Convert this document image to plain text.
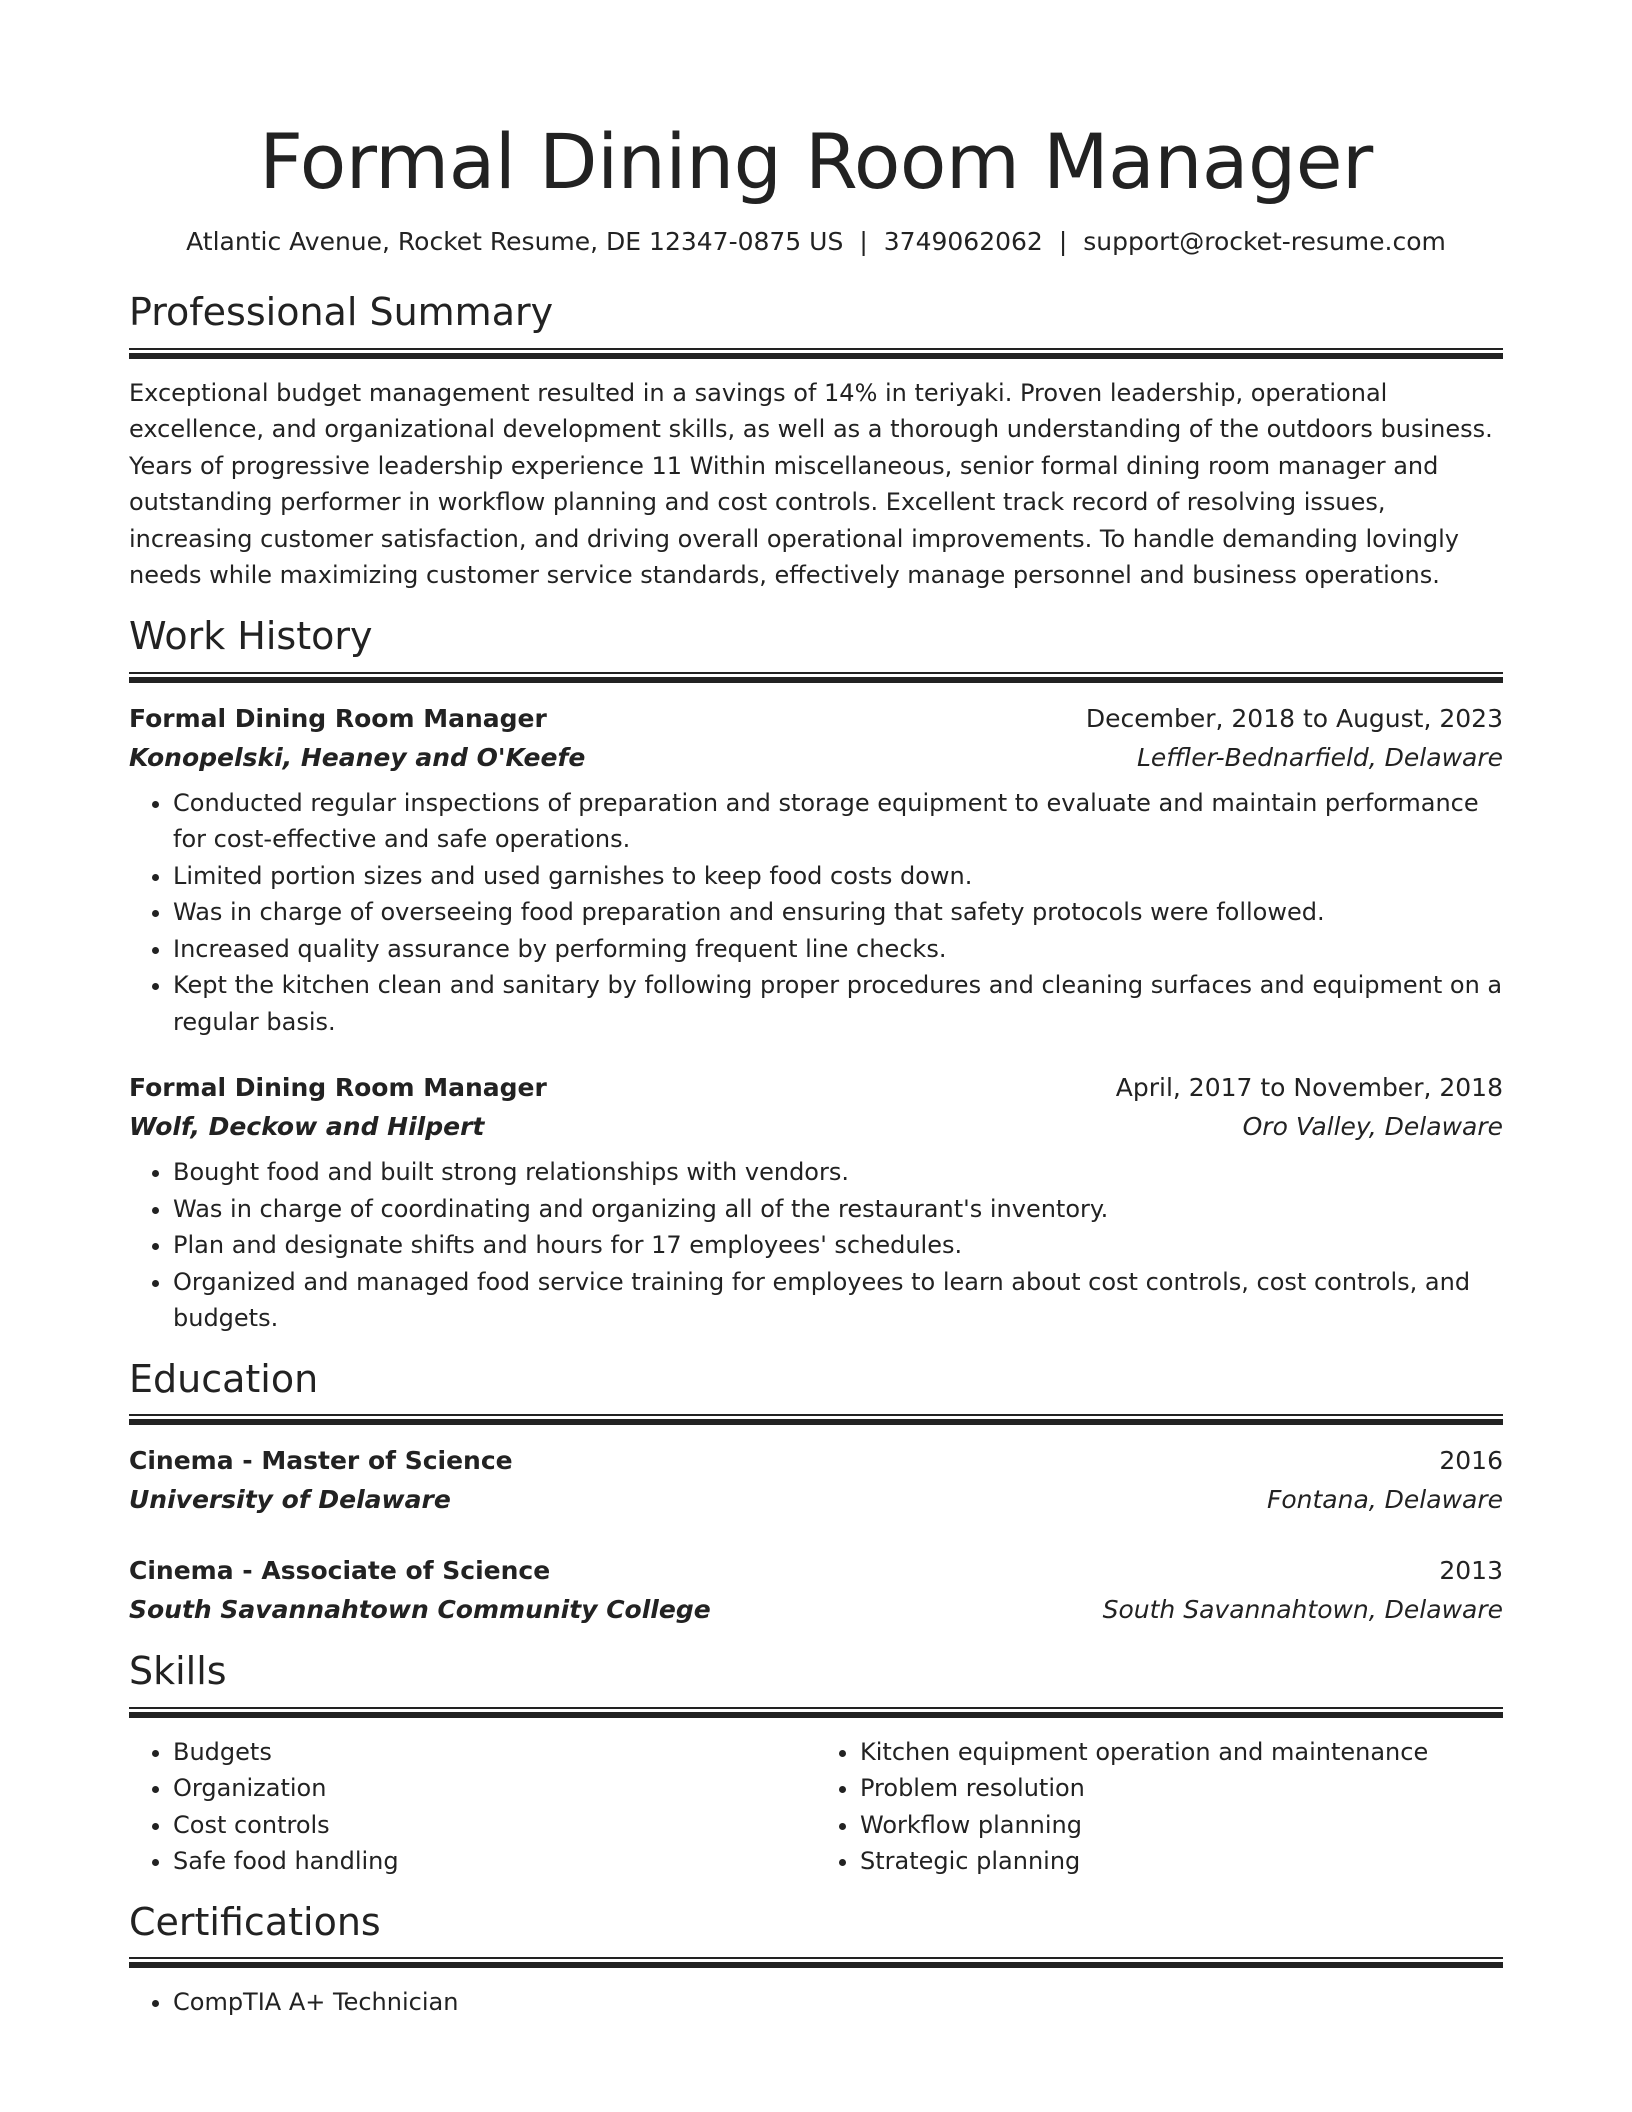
Formal Dining Room Manager
Atlantic Avenue, Rocket Resume, DE 12347-0875 US | 3749062062 | support@rocket-resume.com
Professional Summary

Exceptional budget management resulted in a savings of 14% in teriyaki. Proven leadership, operational excellence, and organizational development skills, as well as a thorough understanding of the outdoors business. Years of progressive leadership experience 11 Within miscellaneous, senior formal dining room manager and outstanding performer in workflow planning and cost controls. Excellent track record of resolving issues, increasing customer satisfaction, and driving overall operational improvements. To handle demanding lovingly needs while maximizing customer service standards, effectively manage personnel and business operations.

Work History
Formal Dining Room Manager	December, 2018 to August, 2023
Konopelski, Heaney and O'Keefe	Leffler-Bednarfield, Delaware
• Conducted regular inspections of preparation and storage equipment to evaluate and maintain performance for cost-effective and safe operations.
• Limited portion sizes and used garnishes to keep food costs down.
• Was in charge of overseeing food preparation and ensuring that safety protocols were followed.
• Increased quality assurance by performing frequent line checks.
• Kept the kitchen clean and sanitary by following proper procedures and cleaning surfaces and equipment on a regular basis.
Formal Dining Room Manager	April, 2017 to November, 2018
Wolf, Deckow and Hilpert	Oro Valley, Delaware
• Bought food and built strong relationships with vendors.
• Was in charge of coordinating and organizing all of the restaurant's inventory.
• Plan and designate shifts and hours for 17 employees' schedules.
• Organized and managed food service training for employees to learn about cost controls, cost controls, and budgets.
Education
Cinema - Master of Science	2016
University of Delaware	Fontana, Delaware
Cinema - Associate of Science	2013
South Savannahtown Community College	South Savannahtown, Delaware
Skills
• Budgets
• Organization
• Cost controls
• Safe food handling
• Kitchen equipment operation and maintenance
• Problem resolution
• Workflow planning
• Strategic planning
Certifications
• CompTIA A+ Technician
